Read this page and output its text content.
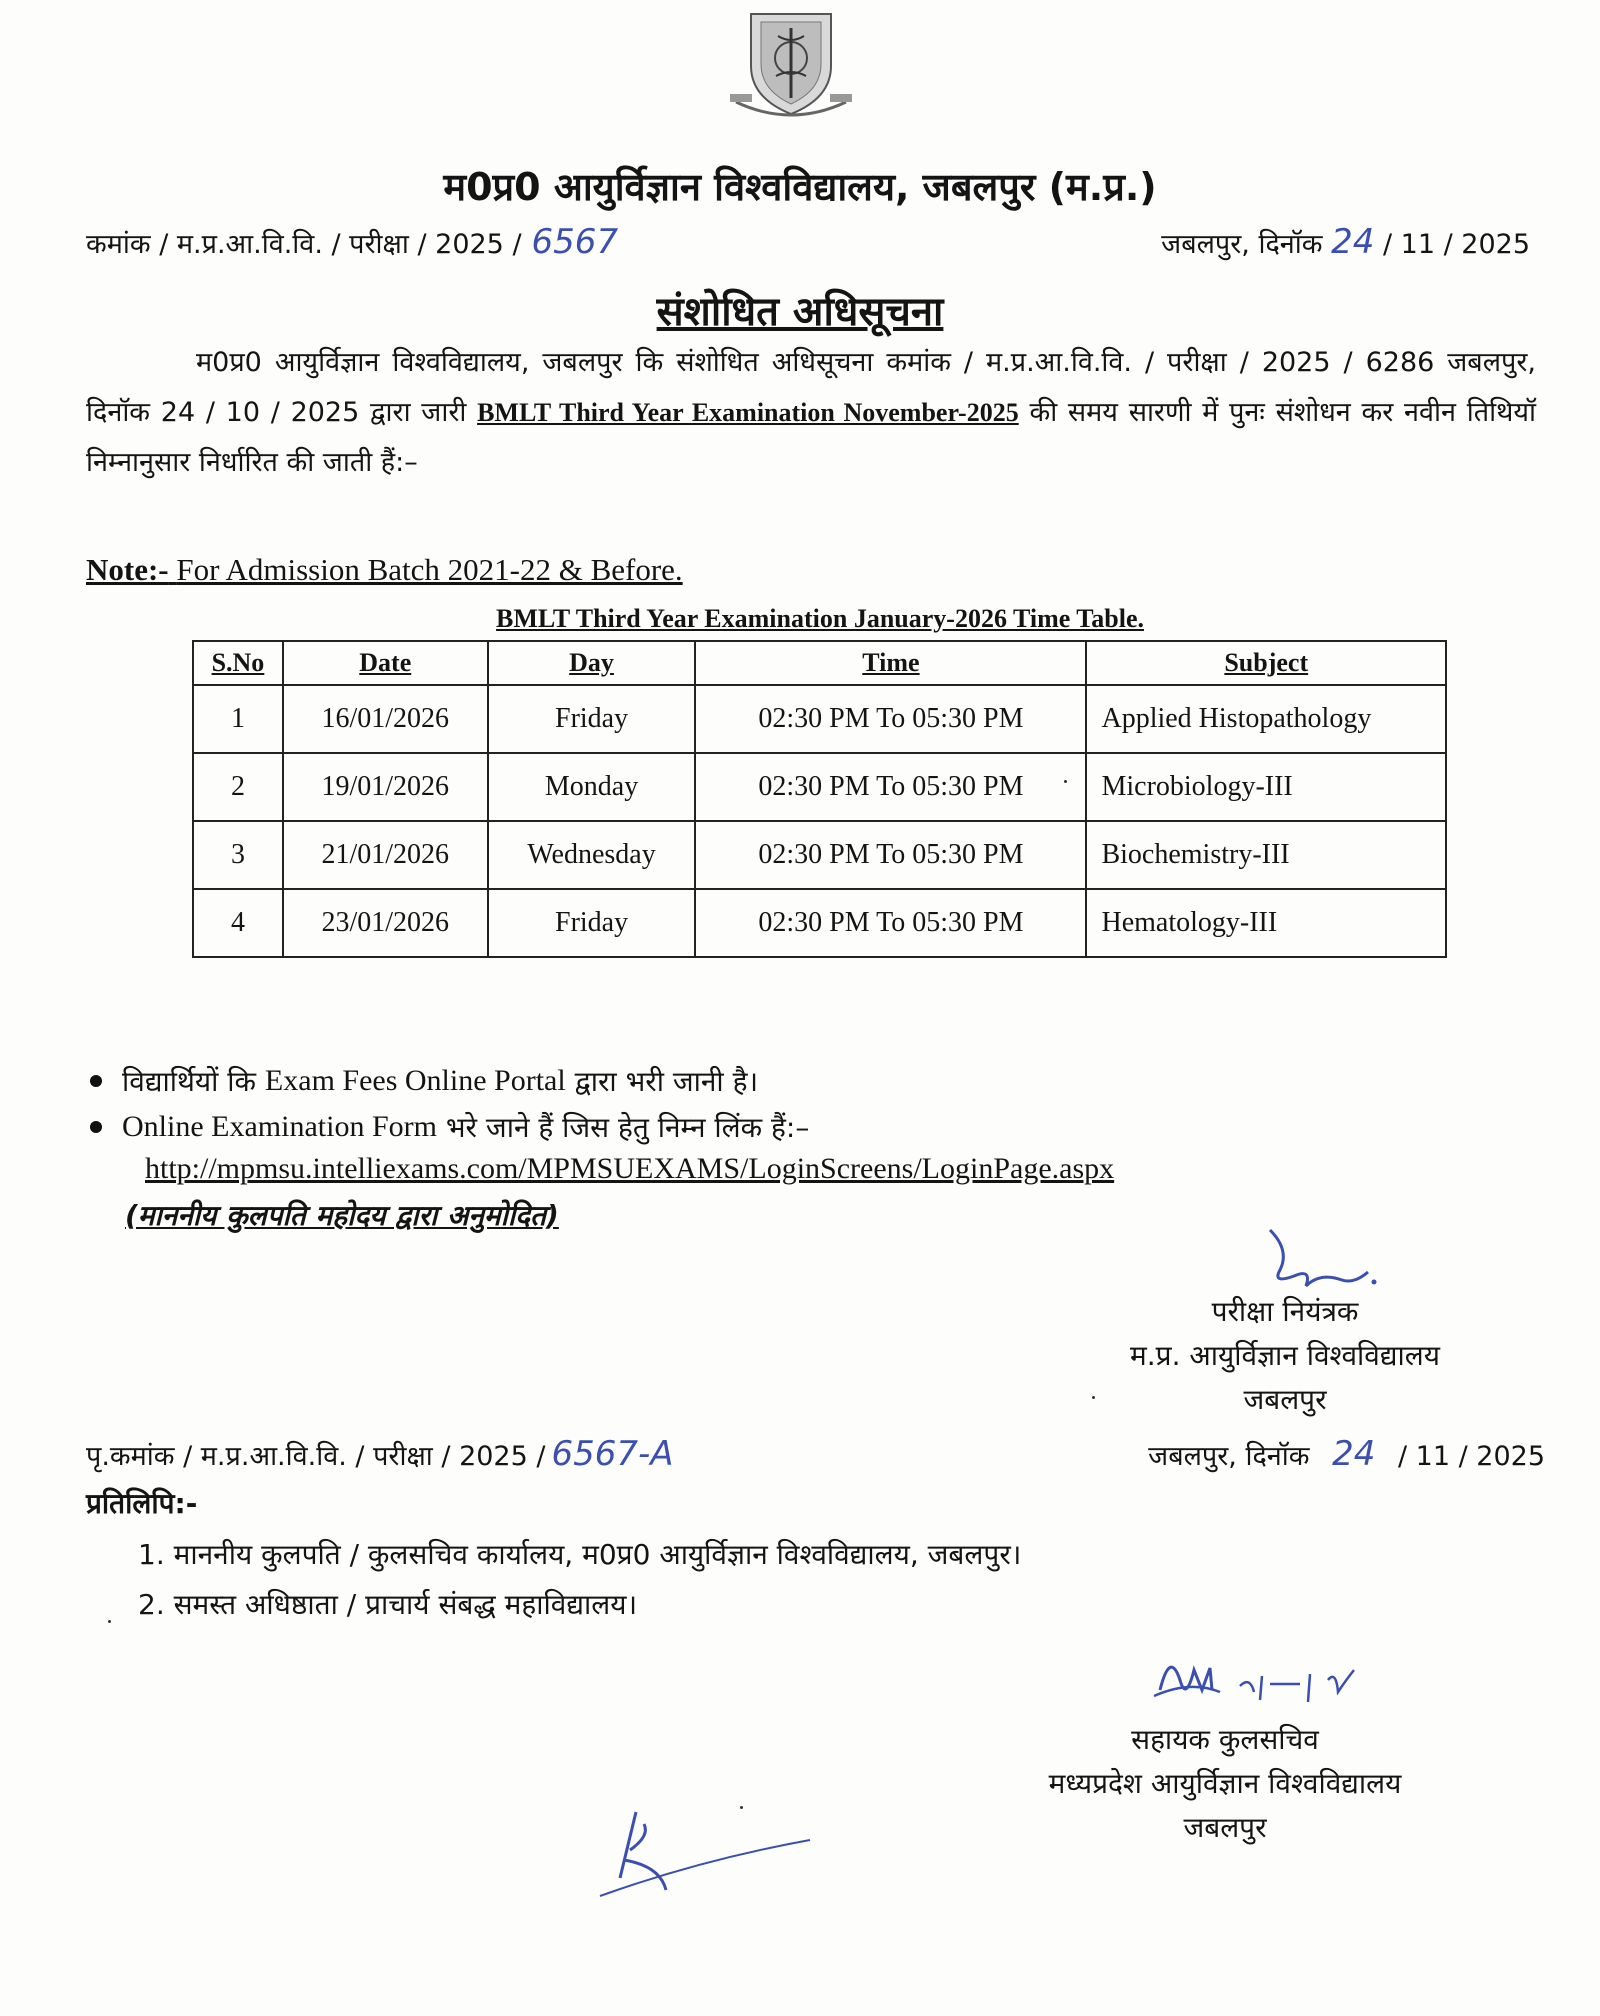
म0प्र0 आयुर्विज्ञान विश्वविद्यालय, जबलपुर (म.प्र.)
कमांक / म.प्र.आ.वि.वि. / परीक्षा / 2025 / 6567	जबलपुर, दिनॉक 24 / 11 / 2025
संशोधित अधिसूचना
म0प्र0 आयुर्विज्ञान विश्वविद्यालय, जबलपुर कि संशोधित अधिसूचना कमांक / म.प्र.आ.वि.वि. / परीक्षा / 2025 / 6286 जबलपुर, दिनॉक 24 / 10 / 2025 द्वारा जारी BMLT Third Year Examination November-2025 की समय सारणी में पुनः संशोधन कर नवीन तिथियॉ निम्नानुसार निर्धारित की जाती हैं:–
Note:- For Admission Batch 2021-22 & Before.
BMLT Third Year Examination January-2026 Time Table.
S.No	Date	Day	Time	Subject
1	16/01/2026	Friday	02:30 PM To 05:30 PM	Applied Histopathology
2	19/01/2026	Monday	02:30 PM To 05:30 PM	Microbiology-III
3	21/01/2026	Wednesday	02:30 PM To 05:30 PM	Biochemistry-III
4	23/01/2026	Friday	02:30 PM To 05:30 PM	Hematology-III
विद्यार्थियों कि
Exam Fees Online Portal
द्वारा भरी जानी है।
Online Examination Form
भरे जाने हैं जिस हेतु निम्न लिंक हैं:–
http://mpmsu.intelliexams.com/MPMSUEXAMS/LoginScreens/LoginPage.aspx
(माननीय कुलपति महोदय द्वारा अनुमोदित)
परीक्षा नियंत्रक
म.प्र. आयुर्विज्ञान विश्वविद्यालय
जबलपुर
पृ.कमांक / म.प्र.आ.वि.वि. / परीक्षा / 2025 / 6567-A	जबलपुर, दिनॉक 24 / 11 / 2025
प्रतिलिपि:-
1. माननीय कुलपति / कुलसचिव कार्यालय, म0प्र0 आयुर्विज्ञान विश्वविद्यालय, जबलपुर।
2. समस्त अधिष्ठाता / प्राचार्य संबद्ध महाविद्यालय।
सहायक कुलसचिव
मध्यप्रदेश आयुर्विज्ञान विश्वविद्यालय
जबलपुर
